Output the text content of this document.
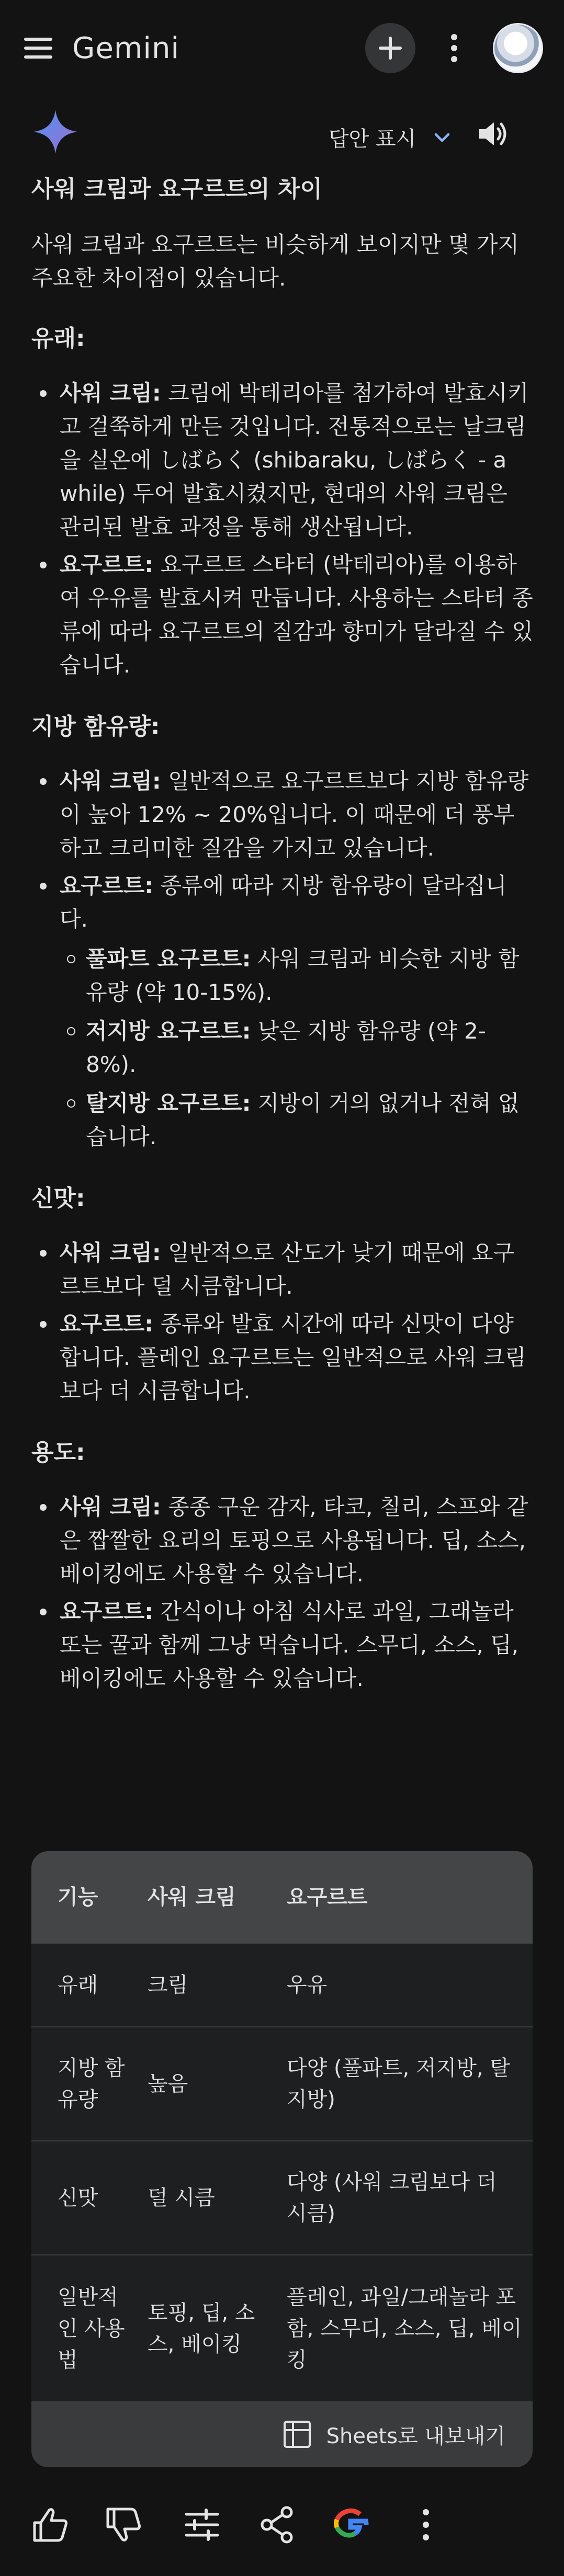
Gemini
답안 표시
사워 크림과 요구르트의 차이
사워 크림과 요구르트는 비슷하게 보이지만 몇 가지 주요한 차이점이 있습니다.
유래:
사워 크림: 크림에 박테리아를 첨가하여 발효시키고 걸쭉하게 만든 것입니다. 전통적으로는 날크림을 실온에 しばらく (shibaraku, しばらく - a while) 두어 발효시켰지만, 현대의 사워 크림은 관리된 발효 과정을 통해 생산됩니다.
요구르트: 요구르트 스타터 (박테리아)를 이용하여 우유를 발효시켜 만듭니다. 사용하는 스타터 종류에 따라 요구르트의 질감과 향미가 달라질 수 있습니다.
지방 함유량:
사워 크림: 일반적으로 요구르트보다 지방 함유량이 높아 12% ~ 20%입니다. 이 때문에 더 풍부하고 크리미한 질감을 가지고 있습니다.
요구르트: 종류에 따라 지방 함유량이 달라집니다.
풀파트 요구르트: 사워 크림과 비슷한 지방 함유량 (약 10-15%).
저지방 요구르트: 낮은 지방 함유량 (약 2-8%).
탈지방 요구르트: 지방이 거의 없거나 전혀 없습니다.
신맛:
사워 크림: 일반적으로 산도가 낮기 때문에 요구르트보다 덜 시큼합니다.
요구르트: 종류와 발효 시간에 따라 신맛이 다양합니다. 플레인 요구르트는 일반적으로 사워 크림보다 더 시큼합니다.
용도:
사워 크림: 종종 구운 감자, 타코, 칠리, 스프와 같은 짭짤한 요리의 토핑으로 사용됩니다. 딥, 소스, 베이킹에도 사용할 수 있습니다.
요구르트: 간식이나 아침 식사로 과일, 그래놀라 또는 꿀과 함께 그냥 먹습니다. 스무디, 소스, 딥, 베이킹에도 사용할 수 있습니다.
기능	사워 크림	요구르트
유래	크림	우유
지방 함유량	높음	다양 (풀파트, 저지방, 탈지방)
신맛	덜 시큼	다양 (사워 크림보다 더 시큼)
일반적인 사용법	토핑, 딥, 소스, 베이킹	플레인, 과일/그래놀라 포함, 스무디, 소스, 딥, 베이킹
Sheets로 내보내기
